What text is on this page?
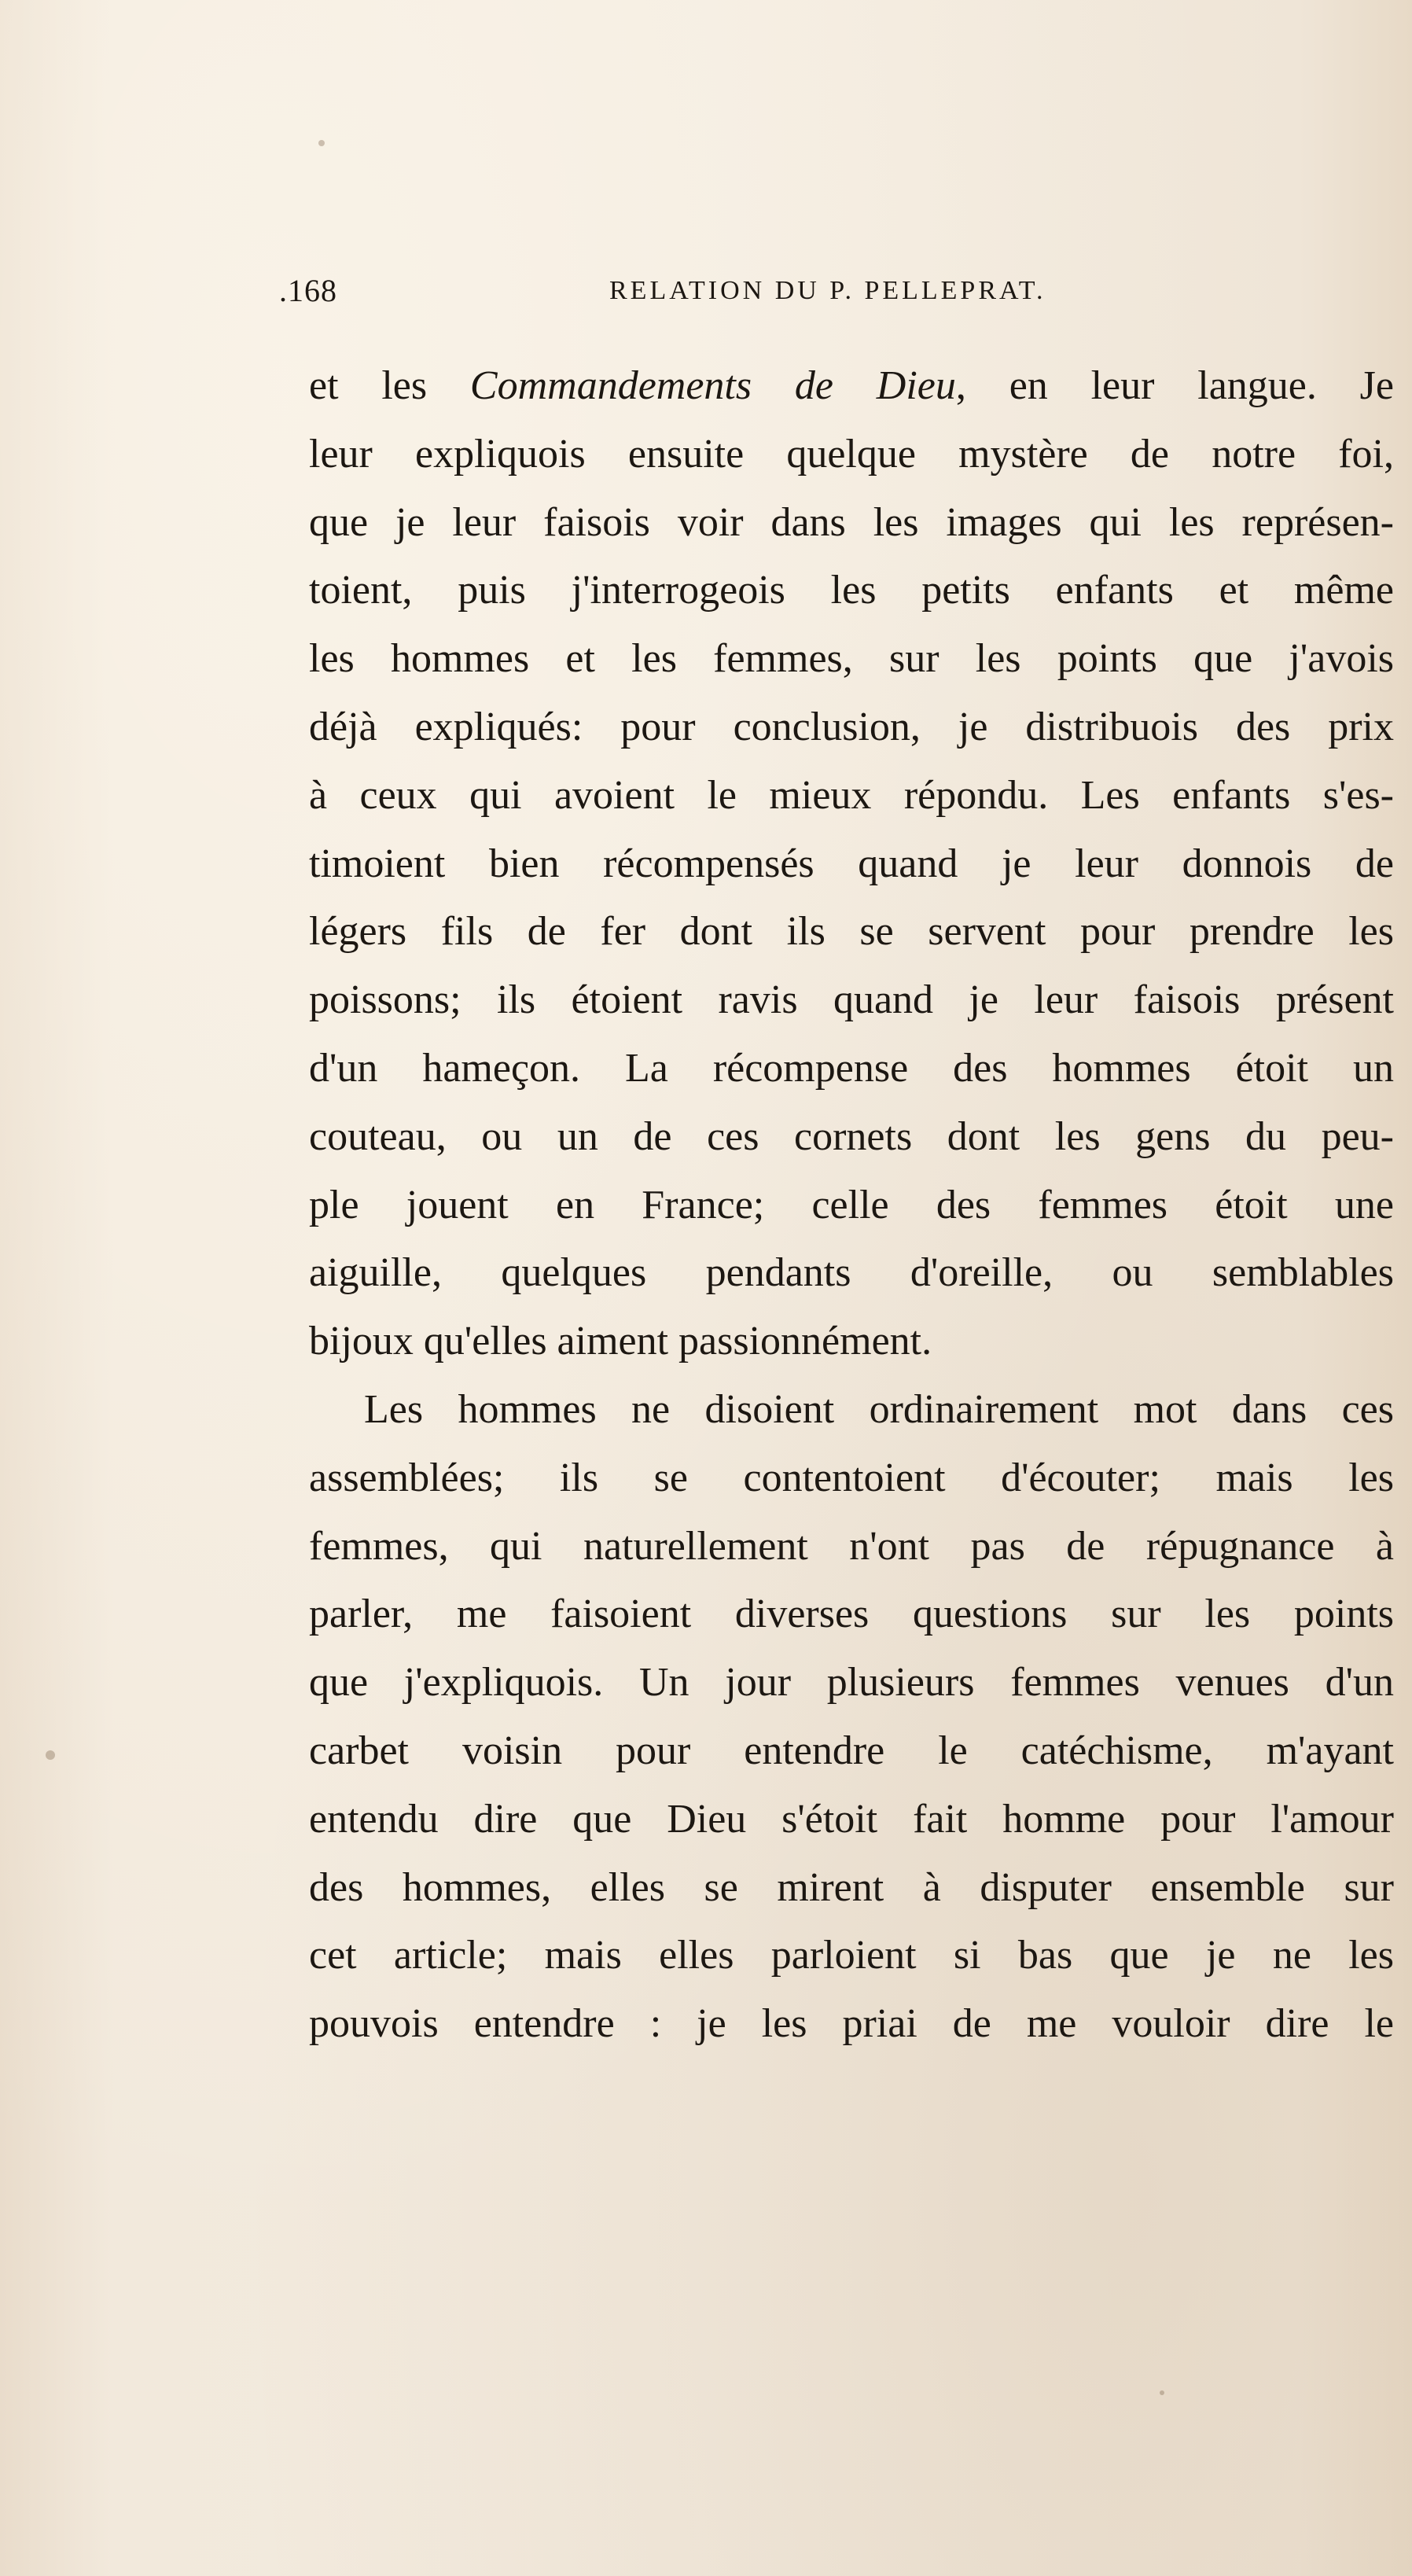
.168	RELATION DU P. PELLEPRAT.

et les Commandements de Dieu, en leur langue. Je
leur expliquois ensuite quelque mystère de notre foi,
que je leur faisois voir dans les images qui les représen-
toient, puis j'interrogeois les petits enfants et même
les hommes et les femmes, sur les points que j'avois
déjà expliqués: pour conclusion, je distribuois des prix
à ceux qui avoient le mieux répondu. Les enfants s'es-
timoient bien récompensés quand je leur donnois de
légers fils de fer dont ils se servent pour prendre les
poissons; ils étoient ravis quand je leur faisois présent
d'un hameçon. La récompense des hommes étoit un
couteau, ou un de ces cornets dont les gens du peu-
ple jouent en France; celle des femmes étoit une
aiguille, quelques pendants d'oreille, ou semblables
bijoux qu'elles aiment passionnément.

Les hommes ne disoient ordinairement mot dans ces
assemblées; ils se contentoient d'écouter; mais les
femmes, qui naturellement n'ont pas de répugnance à
parler, me faisoient diverses questions sur les points
que j'expliquois. Un jour plusieurs femmes venues d'un
carbet voisin pour entendre le catéchisme, m'ayant
entendu dire que Dieu s'étoit fait homme pour l'amour
des hommes, elles se mirent à disputer ensemble sur
cet article; mais elles parloient si bas que je ne les
pouvois entendre : je les priai de me vouloir dire le
